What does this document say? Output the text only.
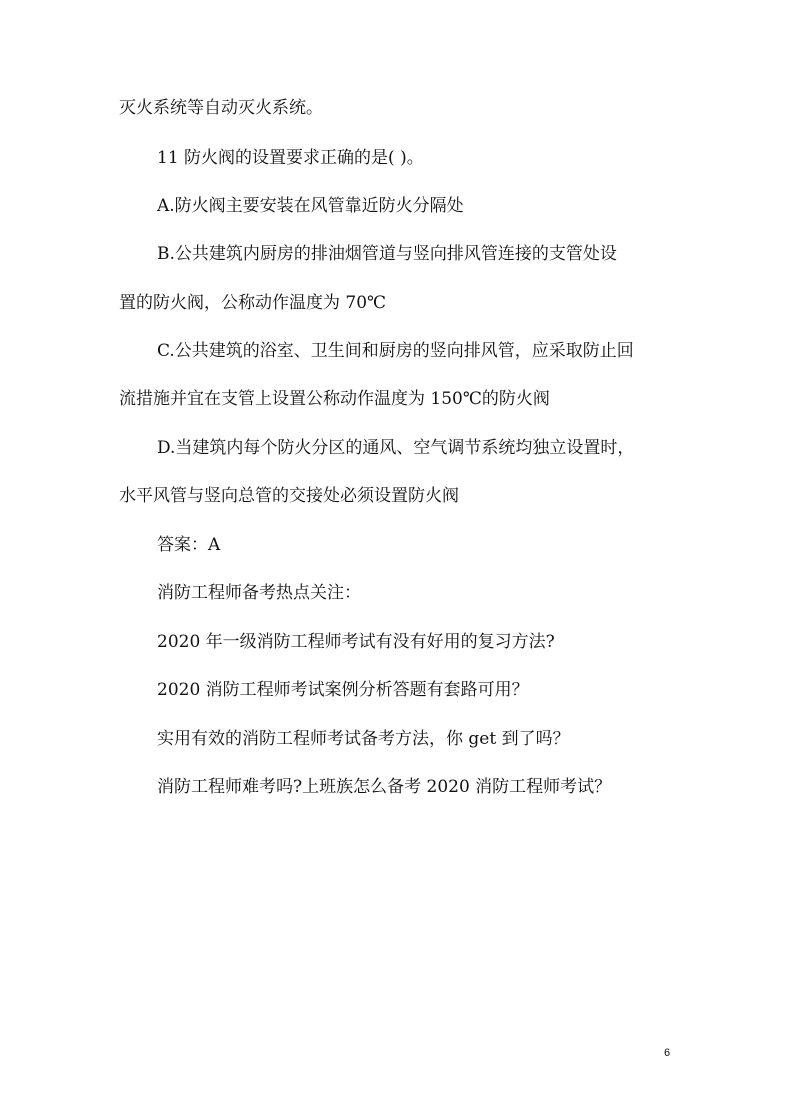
灭火系统等自动灭火系统。
11 防火阀的设置要求正确的是( )。
A.防火阀主要安装在风管靠近防火分隔处
B.公共建筑内厨房的排油烟管道与竖向排风管连接的支管处设
置的防火阀，公称动作温度为 70℃
C.公共建筑的浴室、卫生间和厨房的竖向排风管，应采取防止回
流措施并宜在支管上设置公称动作温度为 150℃的防火阀
D.当建筑内每个防火分区的通风、空气调节系统均独立设置时，
水平风管与竖向总管的交接处必须设置防火阀
答案：A
消防工程师备考热点关注：
2020 年一级消防工程师考试有没有好用的复习方法?
2020 消防工程师考试案例分析答题有套路可用？
实用有效的消防工程师考试备考方法，你 get 到了吗？
消防工程师难考吗?上班族怎么备考 2020 消防工程师考试？
6
